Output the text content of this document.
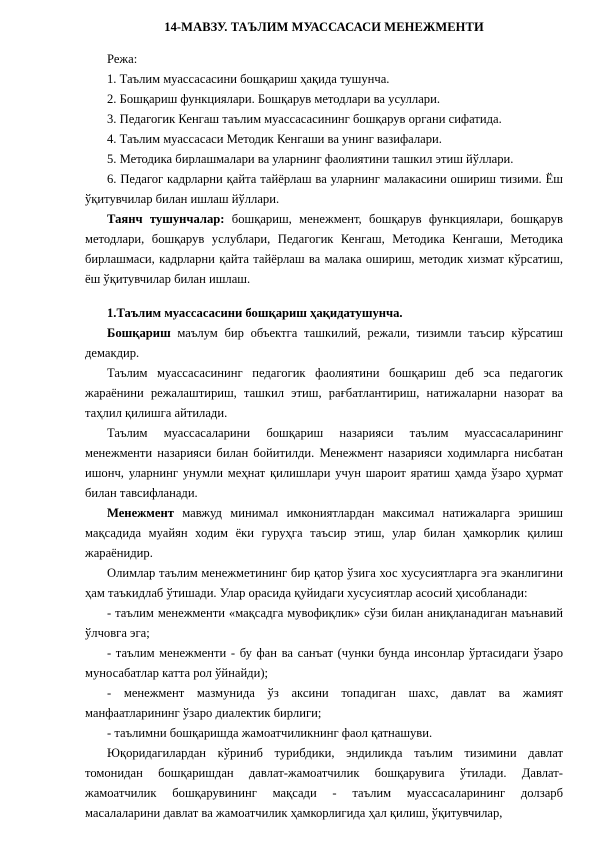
14-МАВЗУ. ТАЪЛИМ МУАССАСАСИ МЕНЕЖМЕНТИ

Режа:

1. Таълим муассасасини бошқариш ҳақида тушунча.

2. Бошқариш функциялари. Бошқарув методлари ва усуллари.

3. Педагогик Кенгаш таълим муассасасининг бошқарув органи сифатида.

4. Таълим муассасаси Методик Кенгаши ва унинг вазифалари.

5. Методика бирлашмалари ва уларнинг фаолиятини ташкил этиш йўллари.

6. Педагог кадрларни қайта тайёрлаш ва уларнинг малакасини ошириш тизими. Ёш ўқитувчилар билан ишлаш йўллари.

Таянч тушунчалар: бошқариш, менежмент, бошқарув функциялари, бошқарув методлари, бошқарув услублари, Педагогик Кенгаш, Методика Кенгаши, Методика бирлашмаси, кадрларни қайта тайёрлаш ва малака ошириш, методик хизмат кўрсатиш, ёш ўқитувчилар билан ишлаш.

1.Таълим муассасасини бошқариш ҳақидатушунча.

Бошқариш маълум бир объектга ташкилий, режали, тизимли таъсир кўрсатиш демакдир.

Таълим муассасасининг педагогик фаолиятини бошқариш деб эса педагогик жараёнини режалаштириш, ташкил этиш, рағбатлантириш, натижаларни назорат ва таҳлил қилишга айтилади.

Таълим муассасаларини бошқариш назарияси таълим муассасаларининг менежменти назарияси билан бойитилди. Менежмент назарияси ходимларга нисбатан ишонч, уларнинг унумли меҳнат қилишлари учун шароит яратиш ҳамда ўзаро ҳурмат билан тавсифланади.

Менежмент мавжуд минимал имкониятлардан максимал натижаларга эришиш мақсадида муайян ходим ёки гуруҳга таъсир этиш, улар билан ҳамкорлик қилиш жараёнидир.

Олимлар таълим менежметининг бир қатор ўзига хос хусусиятларга эга эканлигини ҳам таъкидлаб ўтишади. Улар орасида қуйидаги хусусиятлар асосий ҳисобланади:

- таълим менежменти «мақсадга мувофиқлик» сўзи билан аниқланадиган маънавий ўлчовга эга;

- таълим менежменти - бу фан ва санъат (чунки бунда инсонлар ўртасидаги ўзаро муносабатлар катта рол ўйнайди);

- менежмент мазмунида ўз аксини топадиган шахс, давлат ва жамият манфаатларининг ўзаро диалектик бирлиги;

- таълимни бошқаришда жамоатчиликнинг фаол қатнашуви.

Юқоридагилардан кўриниб турибдики, эндиликда таълим тизимини давлат томонидан бошқаришдан давлат-жамоатчилик бошқарувига ўтилади. Давлат-жамоатчилик бошқарувининг мақсади - таълим муассасаларининг долзарб масалаларини давлат ва жамоатчилик ҳамкорлигида ҳал қилиш, ўқитувчилар,
